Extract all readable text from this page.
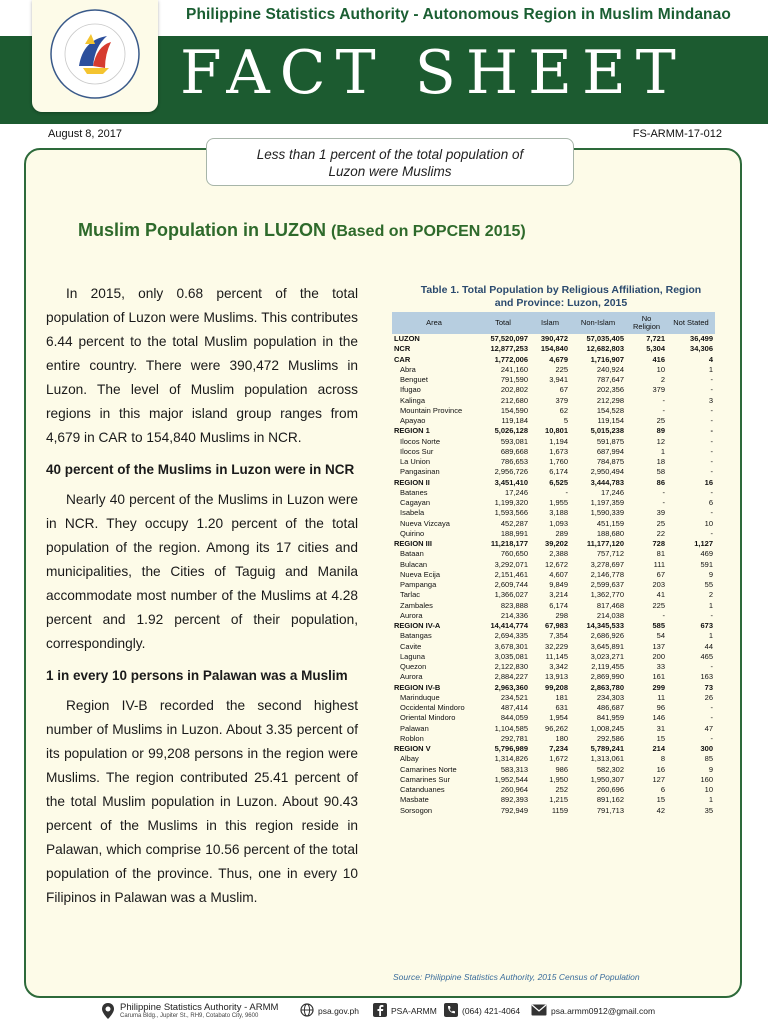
Philippine Statistics Authority - Autonomous Region in Muslim Mindanao
FACT SHEET
August 8, 2017	FS-ARMM-17-012
Less than 1 percent of the total population of
Luzon were Muslims
Muslim Population in LUZON (Based on POPCEN 2015)

In 2015, only 0.68 percent of the total population of Luzon were Muslims. This contributes 6.44 percent to the total Muslim population in the entire country. There were 390,472 Muslims in Luzon. The level of Muslim population across regions in this major island group ranges from 4,679 in CAR to 154,840 Muslims in NCR.

40 percent of the Muslims in Luzon were in NCR

Nearly 40 percent of the Muslims in Luzon were in NCR. They occupy 1.20 percent of the total population of the region. Among its 17 cities and municipalities, the Cities of Taguig and Manila accommodate most number of the Muslims at 4.28 percent and 1.92 percent of their population, correspondingly.

1 in every 10 persons in Palawan was a Muslim

Region IV-B recorded the second highest number of Muslims in Luzon. About 3.35 percent of its population or 99,208 persons in the region were Muslims. The region contributed 25.41 percent of the total Muslim population in Luzon. About 90.43 percent of the Muslims in this region reside in Palawan, which comprise 10.56 percent of the total population of the province. Thus, one in every 10 Filipinos in Palawan was a Muslim.

Table 1. Total Population by Religious Affiliation, Region
and Province: Luzon, 2015
Area	Total	Islam	Non-Islam	No Religion	Not Stated
LUZON	57,520,097	390,472	57,035,405	7,721	36,499
NCR	12,877,253	154,840	12,682,803	5,304	34,306
CAR	1,772,006	4,679	1,716,907	416	4
Abra	241,160	225	240,924	10	1
Benguet	791,590	3,941	787,647	2	-
Ifugao	202,802	67	202,356	379	-
Kalinga	212,680	379	212,298	-	3
Mountain Province	154,590	62	154,528	-	-
Apayao	119,184	5	119,154	25	-
REGION 1	5,026,128	10,801	5,015,238	89	-
Ilocos Norte	593,081	1,194	591,875	12	-
Ilocos Sur	689,668	1,673	687,994	1	-
La Union	786,653	1,760	784,875	18	-
Pangasinan	2,956,726	6,174	2,950,494	58	-
REGION II	3,451,410	6,525	3,444,783	86	16
Batanes	17,246	-	17,246	-	-
Cagayan	1,199,320	1,955	1,197,359	-	6
Isabela	1,593,566	3,188	1,590,339	39	-
Nueva Vizcaya	452,287	1,093	451,159	25	10
Quirino	188,991	289	188,680	22	-
REGION III	11,218,177	39,202	11,177,120	728	1,127
Bataan	760,650	2,388	757,712	81	469
Bulacan	3,292,071	12,672	3,278,697	111	591
Nueva Ecija	2,151,461	4,607	2,146,778	67	9
Pampanga	2,609,744	9,849	2,599,637	203	55
Tarlac	1,366,027	3,214	1,362,770	41	2
Zambales	823,888	6,174	817,468	225	1
Aurora	214,336	298	214,038	-	-
REGION IV-A	14,414,774	67,983	14,345,533	585	673
Batangas	2,694,335	7,354	2,686,926	54	1
Cavite	3,678,301	32,229	3,645,891	137	44
Laguna	3,035,081	11,145	3,023,271	200	465
Quezon	2,122,830	3,342	2,119,455	33	-
Aurora	2,884,227	13,913	2,869,990	161	163
REGION IV-B	2,963,360	99,208	2,863,780	299	73
Marinduque	234,521	181	234,303	11	26
Occidental Mindoro	487,414	631	486,687	96	-
Oriental Mindoro	844,059	1,954	841,959	146	-
Palawan	1,104,585	96,262	1,008,245	31	47
Roblon	292,781	180	292,586	15	-
REGION V	5,796,989	7,234	5,789,241	214	300
Albay	1,314,826	1,672	1,313,061	8	85
Camarines Norte	583,313	986	582,302	16	9
Camarines Sur	1,952,544	1,950	1,950,307	127	160
Catanduanes	260,964	252	260,696	6	10
Masbate	892,393	1,215	891,162	15	1
Sorsogon	792,949	1159	791,713	42	35
Source: Philippine Statistics Authority, 2015 Census of Population
Philippine Statistics Authority - ARMM
Caruma Bldg., Jupiter St., RH9, Cotabato City, 9600	psa.gov.ph	PSA-ARMM	(064) 421-4064	psa.armm0912@gmail.com
